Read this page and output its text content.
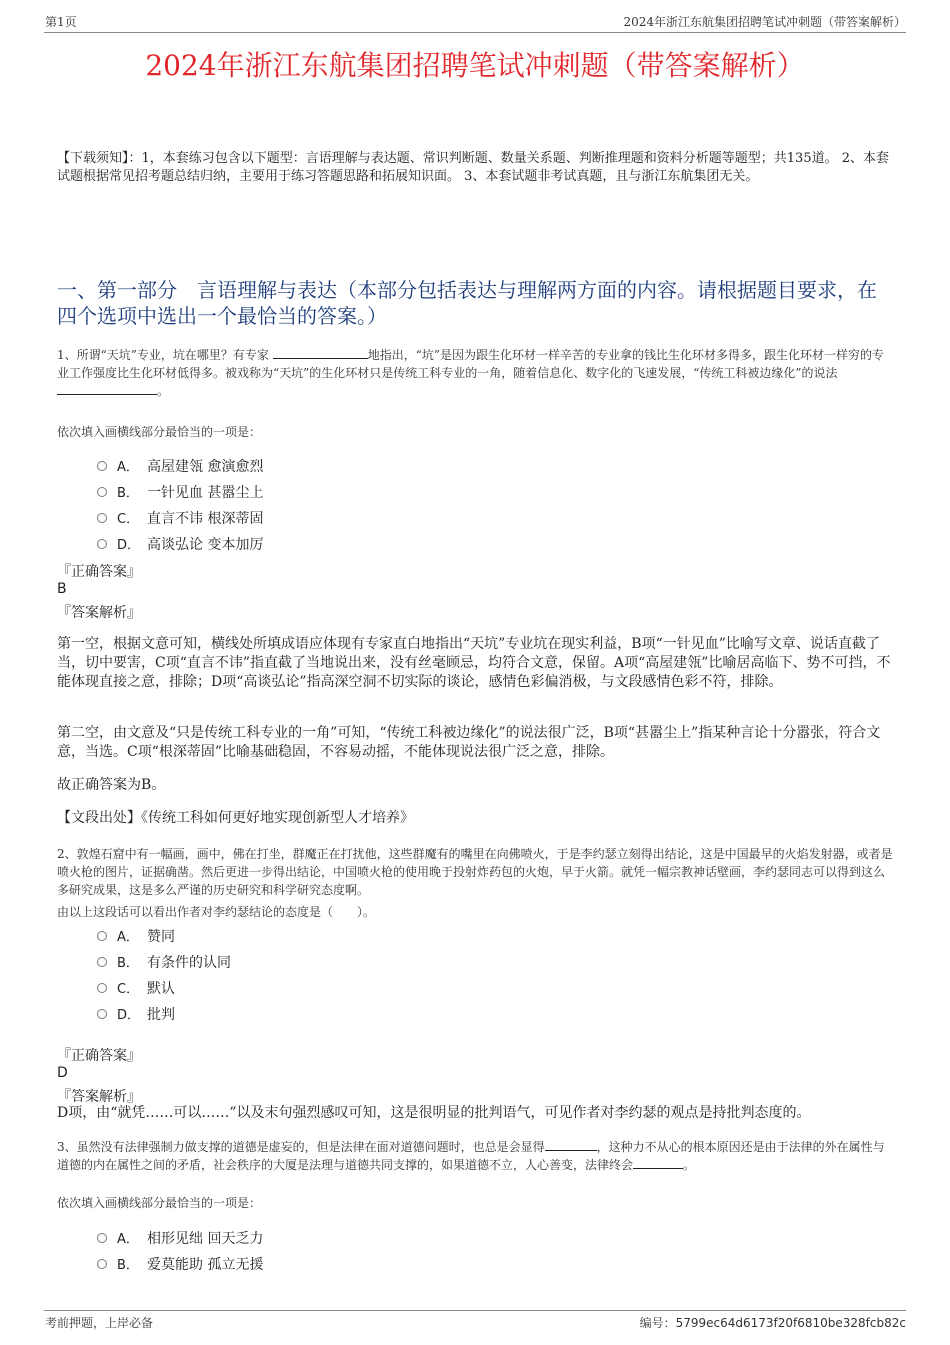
第1页	2024年浙江东航集团招聘笔试冲刺题（带答案解析）
2024年浙江东航集团招聘笔试冲刺题（带答案解析）
【下载须知】：1，本套练习包含以下题型：言语理解与表达题、常识判断题、数量关系题、判断推理题和资料分析题等题型；共135道。 2、本套试题根据常见招考题总结归纳，主要用于练习答题思路和拓展知识面。 3、本套试题非考试真题，且与浙江东航集团无关。
一、第一部分　言语理解与表达（本部分包括表达与理解两方面的内容。请根据题目要求，在四个选项中选出一个最恰当的答案。）
1、所谓“天坑”专业，坑在哪里？有专家	地指出，“坑”是因为跟生化环材一样辛苦的专业拿的钱比生化环材多得多，跟生化环材一样穷的专业工作强度比生化环材低得多。被戏称为“天坑”的生化环材只是传统工科专业的一角，随着信息化、数字化的飞速发展，“传统工科被边缘化”的说法 。
依次填入画横线部分最恰当的一项是：
A． 高屋建瓴 愈演愈烈
B． 一针见血 甚嚣尘上
C． 直言不讳 根深蒂固
D． 高谈弘论 变本加厉
『正确答案』
B
『答案解析』
第一空，根据文意可知，横线处所填成语应体现有专家直白地指出“天坑”专业坑在现实利益，B项“一针见血”比喻写文章、说话直截了当，切中要害，C项“直言不讳”指直截了当地说出来，没有丝毫顾忌，均符合文意，保留。A项“高屋建瓴”比喻居高临下、势不可挡，不能体现直接之意，排除；D项“高谈弘论”指高深空洞不切实际的谈论，感情色彩偏消极，与文段感情色彩不符，排除。
第二空，由文意及“只是传统工科专业的一角”可知，“传统工科被边缘化”的说法很广泛，B项“甚嚣尘上”指某种言论十分嚣张，符合文意，当选。C项“根深蒂固”比喻基础稳固，不容易动摇，不能体现说法很广泛之意，排除。
故正确答案为B。
【文段出处】《传统工科如何更好地实现创新型人才培养》
2、敦煌石窟中有一幅画，画中，佛在打坐，群魔正在打扰他，这些群魔有的嘴里在向佛喷火，于是李约瑟立刻得出结论，这是中国最早的火焰发射器，或者是喷火枪的图片，证据确凿。然后更进一步得出结论，中国喷火枪的使用晚于投射炸药包的火炮，早于火箭。就凭一幅宗教神话壁画，李约瑟同志可以得到这么多研究成果，这是多么严谨的历史研究和科学研究态度啊。
由以上这段话可以看出作者对李约瑟结论的态度是（　　）。
A． 赞同
B． 有条件的认同
C． 默认
D． 批判
『正确答案』
D
『答案解析』
D项，由“就凭……可以……”以及末句强烈感叹可知，这是很明显的批判语气，可见作者对李约瑟的观点是持批判态度的。
3、虽然没有法律强制力做支撑的道德是虚妄的，但是法律在面对道德问题时，也总是会显得	，这种力不从心的根本原因还是由于法律的外在属性与道德的内在属性之间的矛盾，社会秩序的大厦是法理与道德共同支撑的，如果道德不立，人心善变，法律终会	。
依次填入画横线部分最恰当的一项是：
A． 相形见绌 回天乏力
B． 爱莫能助 孤立无援
考前押题，上岸必备	编号：5799ec64d6173f20f6810be328fcb82c
